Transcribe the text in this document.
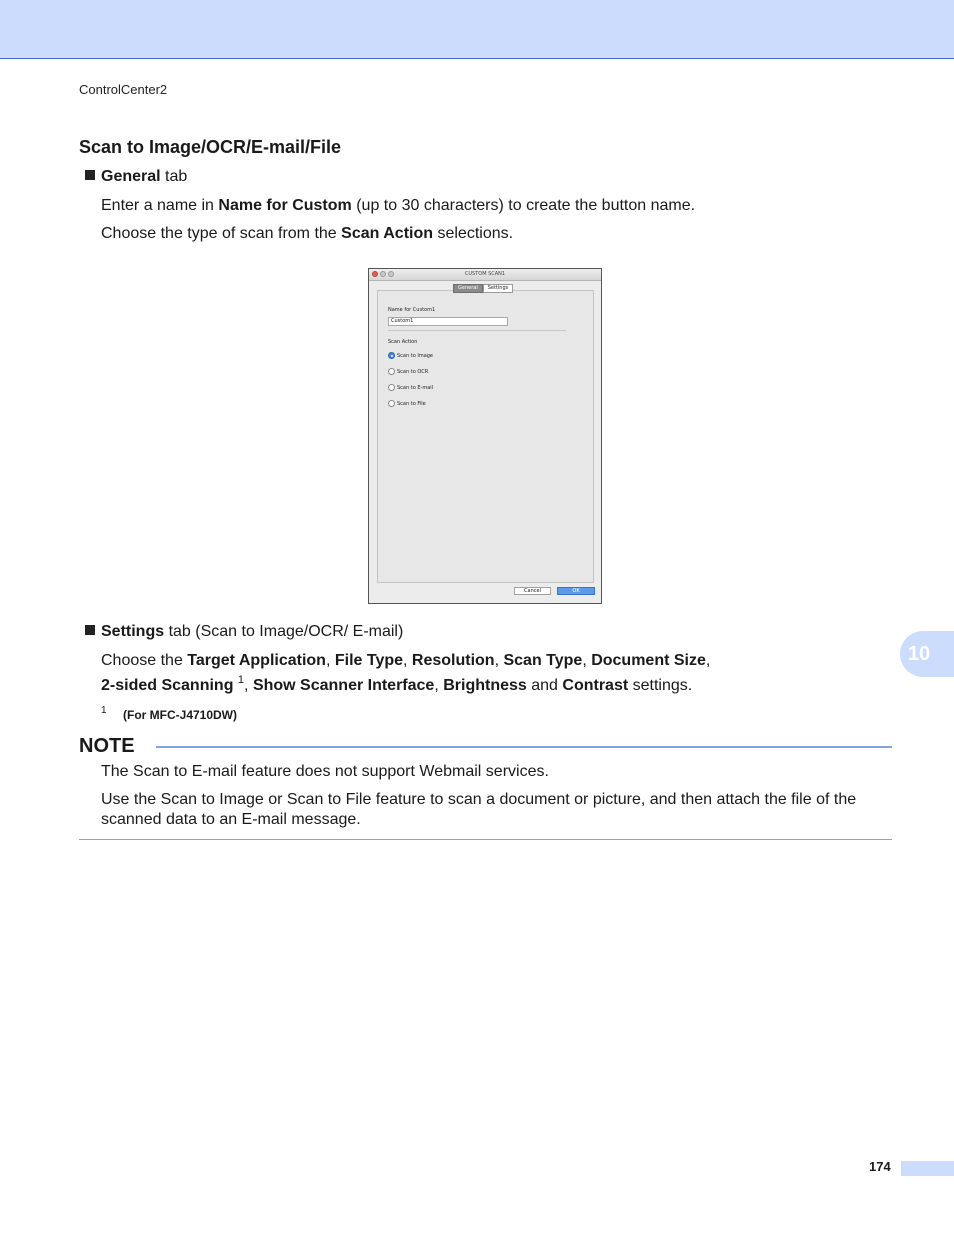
ControlCenter2
Scan to Image/OCR/E-mail/File
General tab

Enter a name in Name for Custom (up to 30 characters) to create the button name.

Choose the type of scan from the Scan Action selections.

CUSTOM SCAN1
General	Settings
Name for Custom1
Custom1
Scan Action
Scan to Image
Scan to OCR
Scan to E-mail
Scan to File
Cancel	OK
Settings tab (Scan to Image/OCR/ E-mail)

Choose the Target Application, File Type, Resolution, Scan Type, Document Size,

2-sided Scanning $^1$, Show Scanner Interface, Brightness and Contrast settings.

10
1 (For MFC-J4710DW)
NOTE

The Scan to E-mail feature does not support Webmail services.

Use the Scan to Image or Scan to File feature to scan a document or picture, and then attach the file of the scanned data to an E-mail message.

174
